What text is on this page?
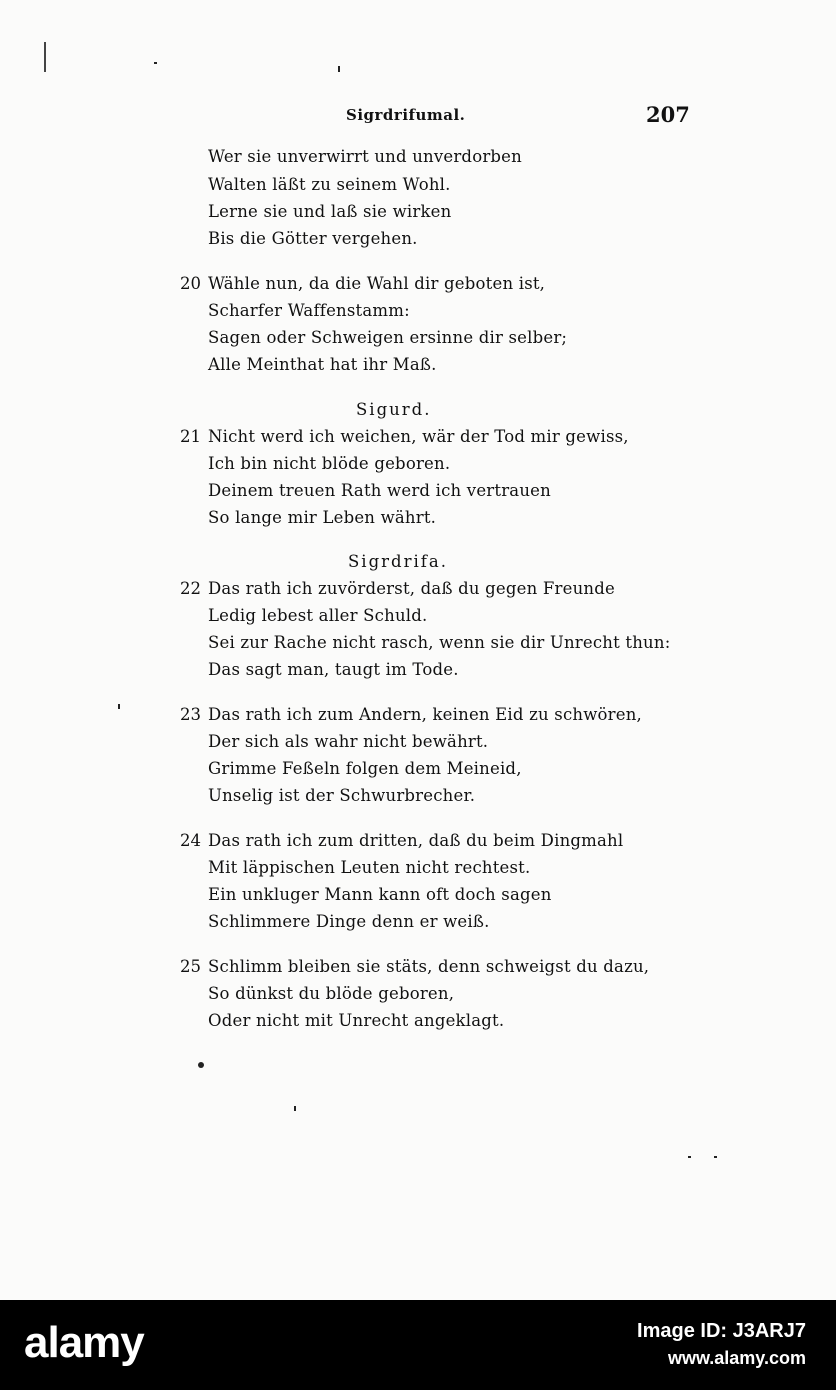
Sigrdrifumal.	207
Wer sie unverwirrt und unverdorben
Walten läßt zu seinem Wohl.
Lerne sie und laß sie wirken
Bis die Götter vergehen.
20 Wähle nun, da die Wahl dir geboten ist,
Scharfer Waffenstamm:
Sagen oder Schweigen ersinne dir selber;
Alle Meinthat hat ihr Maß.
Sigurd.
21 Nicht werd ich weichen, wär der Tod mir gewiss,
Ich bin nicht blöde geboren.
Deinem treuen Rath werd ich vertrauen
So lange mir Leben währt.
Sigrdrifa.
22 Das rath ich zuvörderst, daß du gegen Freunde
Ledig lebest aller Schuld.
Sei zur Rache nicht rasch, wenn sie dir Unrecht thun:
Das sagt man, taugt im Tode.
23 Das rath ich zum Andern, keinen Eid zu schwören,
Der sich als wahr nicht bewährt.
Grimme Feßeln folgen dem Meineid,
Unselig ist der Schwurbrecher.
24 Das rath ich zum dritten, daß du beim Dingmahl
Mit läppischen Leuten nicht rechtest.
Ein unkluger Mann kann oft doch sagen
Schlimmere Dinge denn er weiß.
25 Schlimm bleiben sie stäts, denn schweigst du dazu,
So dünkst du blöde geboren,
Oder nicht mit Unrecht angeklagt.
alamy	Image ID: J3ARJ7
www.alamy.com
